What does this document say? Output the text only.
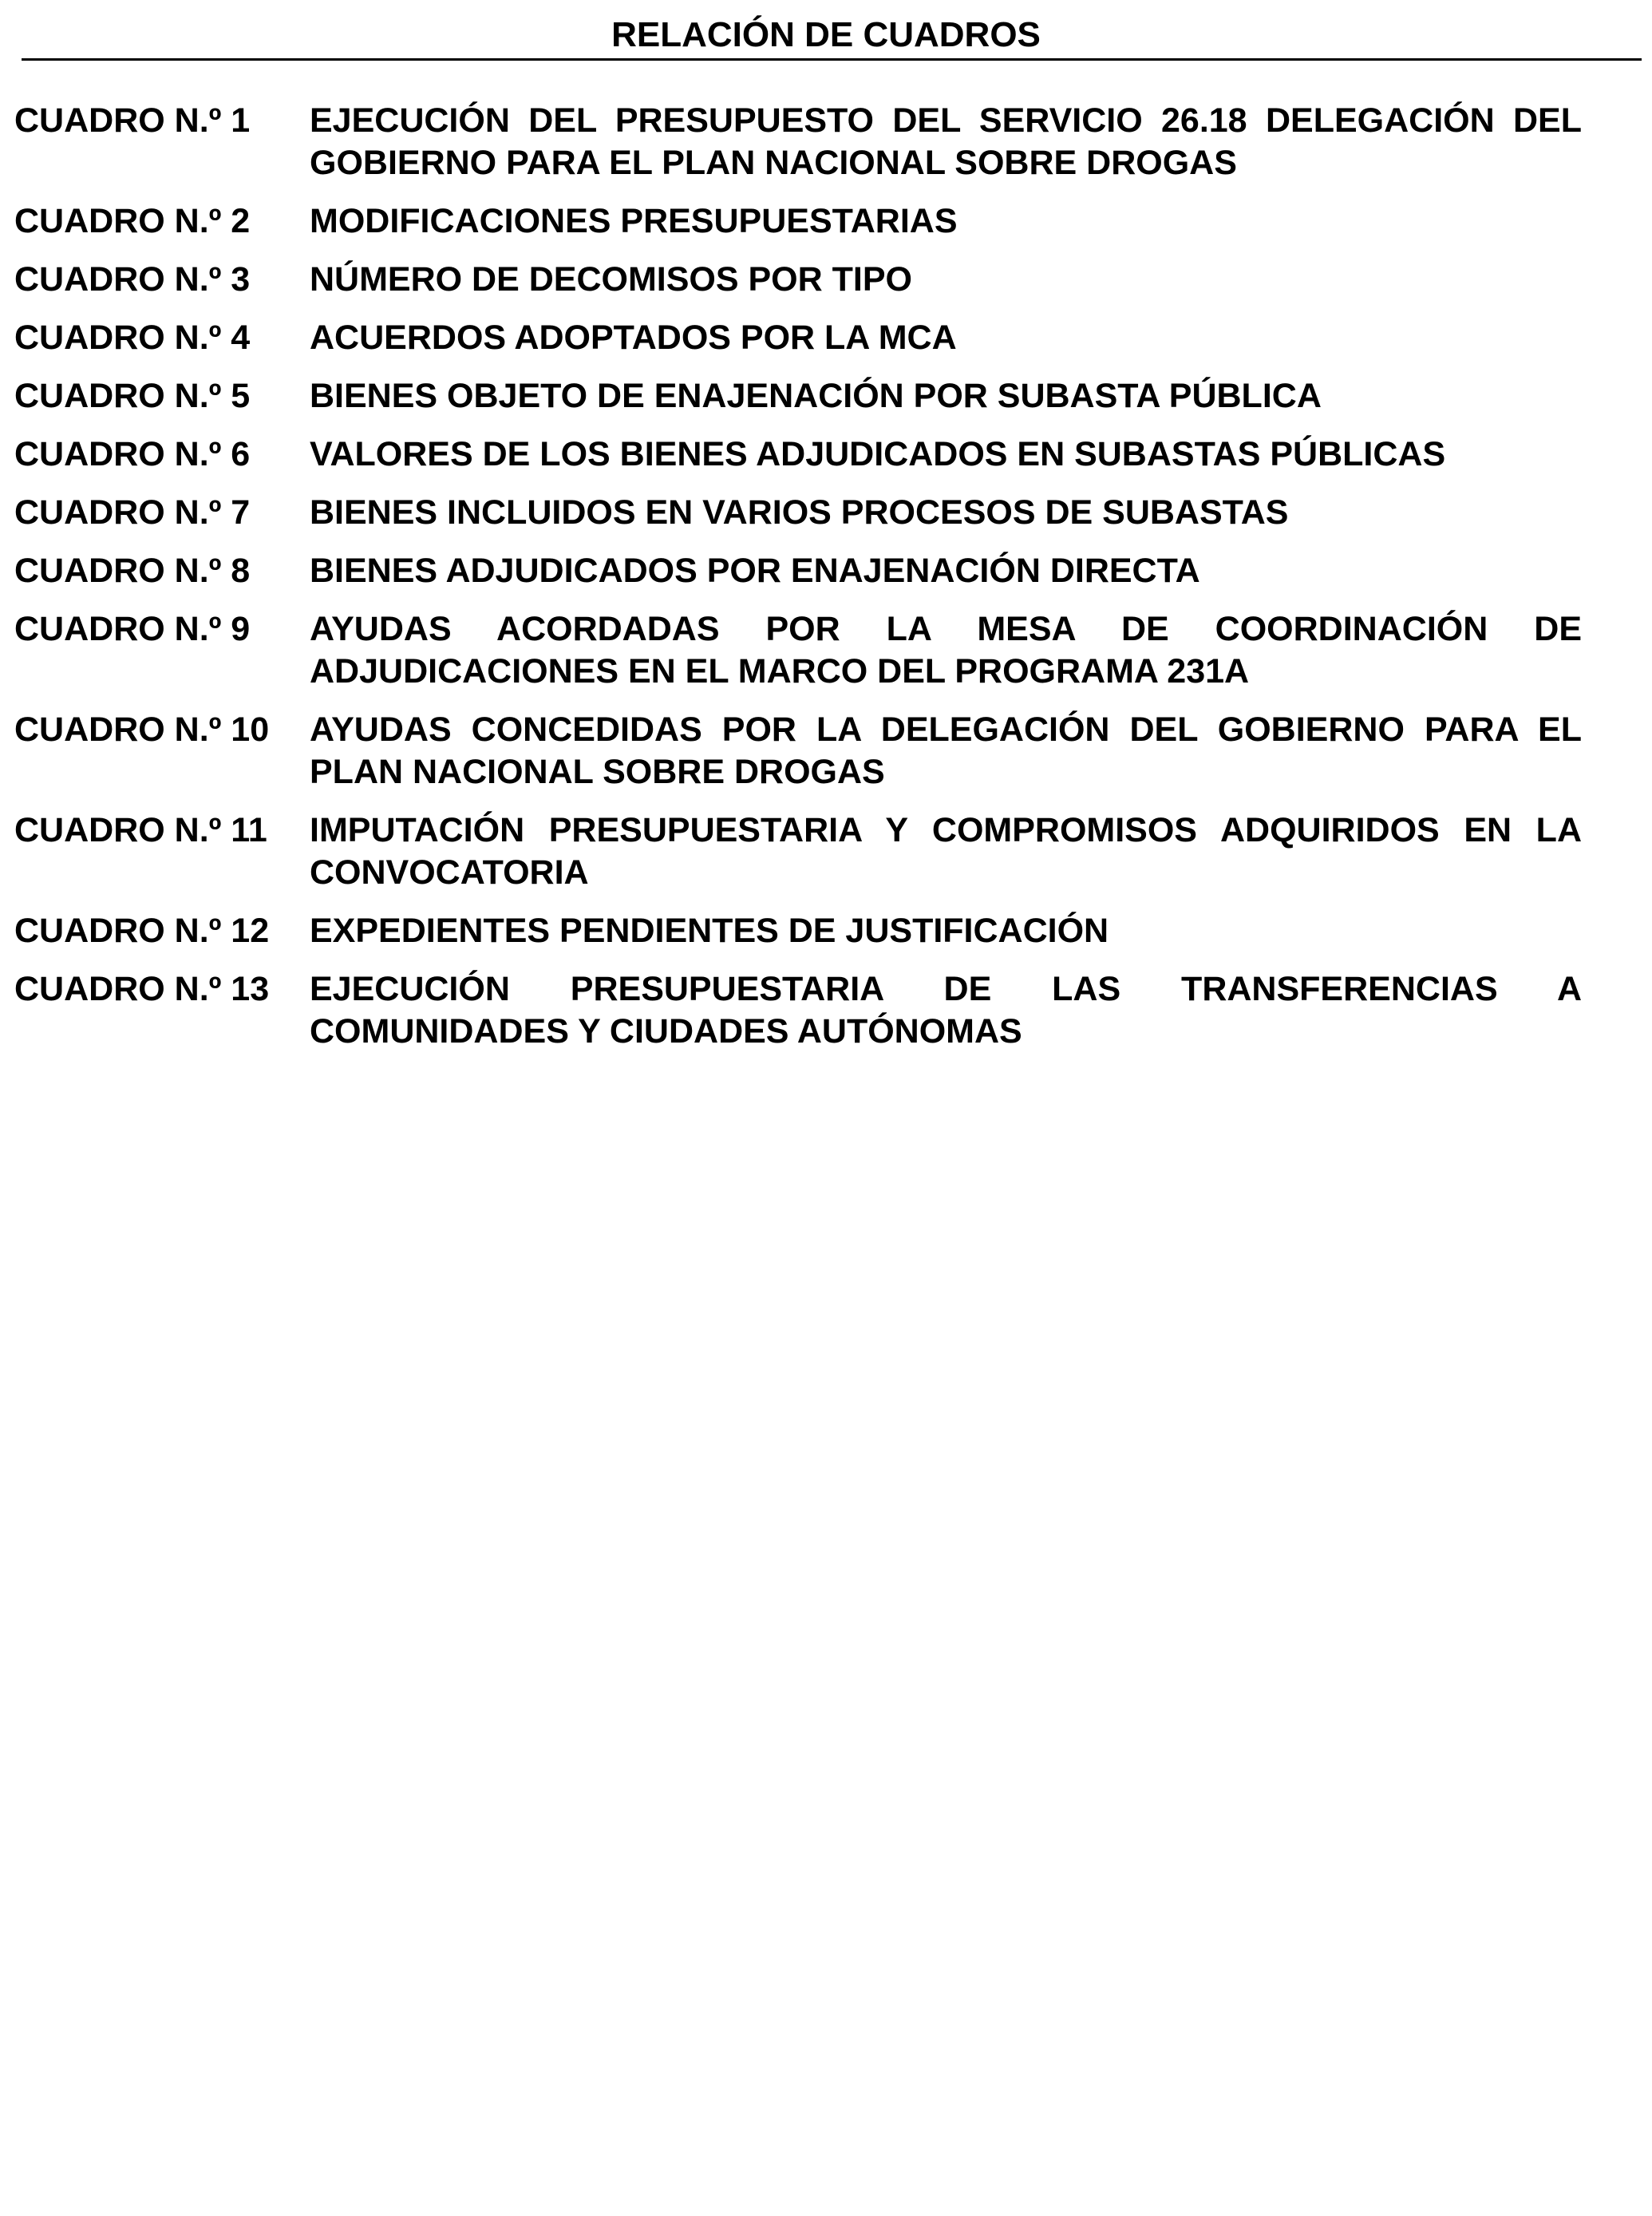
RELACIÓN DE CUADROS
CUADRO N.º 1	EJECUCIÓN DEL PRESUPUESTO DEL SERVICIO 26.18 DELEGACIÓN DEL GOBIERNO PARA EL PLAN NACIONAL SOBRE DROGAS
CUADRO N.º 2	MODIFICACIONES PRESUPUESTARIAS
CUADRO N.º 3	NÚMERO DE DECOMISOS POR TIPO
CUADRO N.º 4	ACUERDOS ADOPTADOS POR LA MCA
CUADRO N.º 5	BIENES OBJETO DE ENAJENACIÓN POR SUBASTA PÚBLICA
CUADRO N.º 6	VALORES DE LOS BIENES ADJUDICADOS EN SUBASTAS PÚBLICAS
CUADRO N.º 7	BIENES INCLUIDOS EN VARIOS PROCESOS DE SUBASTAS
CUADRO N.º 8	BIENES ADJUDICADOS POR ENAJENACIÓN DIRECTA
CUADRO N.º 9	AYUDAS ACORDADAS POR LA MESA DE COORDINACIÓN DE ADJUDICACIONES EN EL MARCO DEL PROGRAMA 231A
CUADRO N.º 10	AYUDAS CONCEDIDAS POR LA DELEGACIÓN DEL GOBIERNO PARA EL PLAN NACIONAL SOBRE DROGAS
CUADRO N.º 11	IMPUTACIÓN PRESUPUESTARIA Y COMPROMISOS ADQUIRIDOS EN LA CONVOCATORIA
CUADRO N.º 12	EXPEDIENTES PENDIENTES DE JUSTIFICACIÓN
CUADRO N.º 13	EJECUCIÓN PRESUPUESTARIA DE LAS TRANSFERENCIAS A COMUNIDADES Y CIUDADES AUTÓNOMAS
